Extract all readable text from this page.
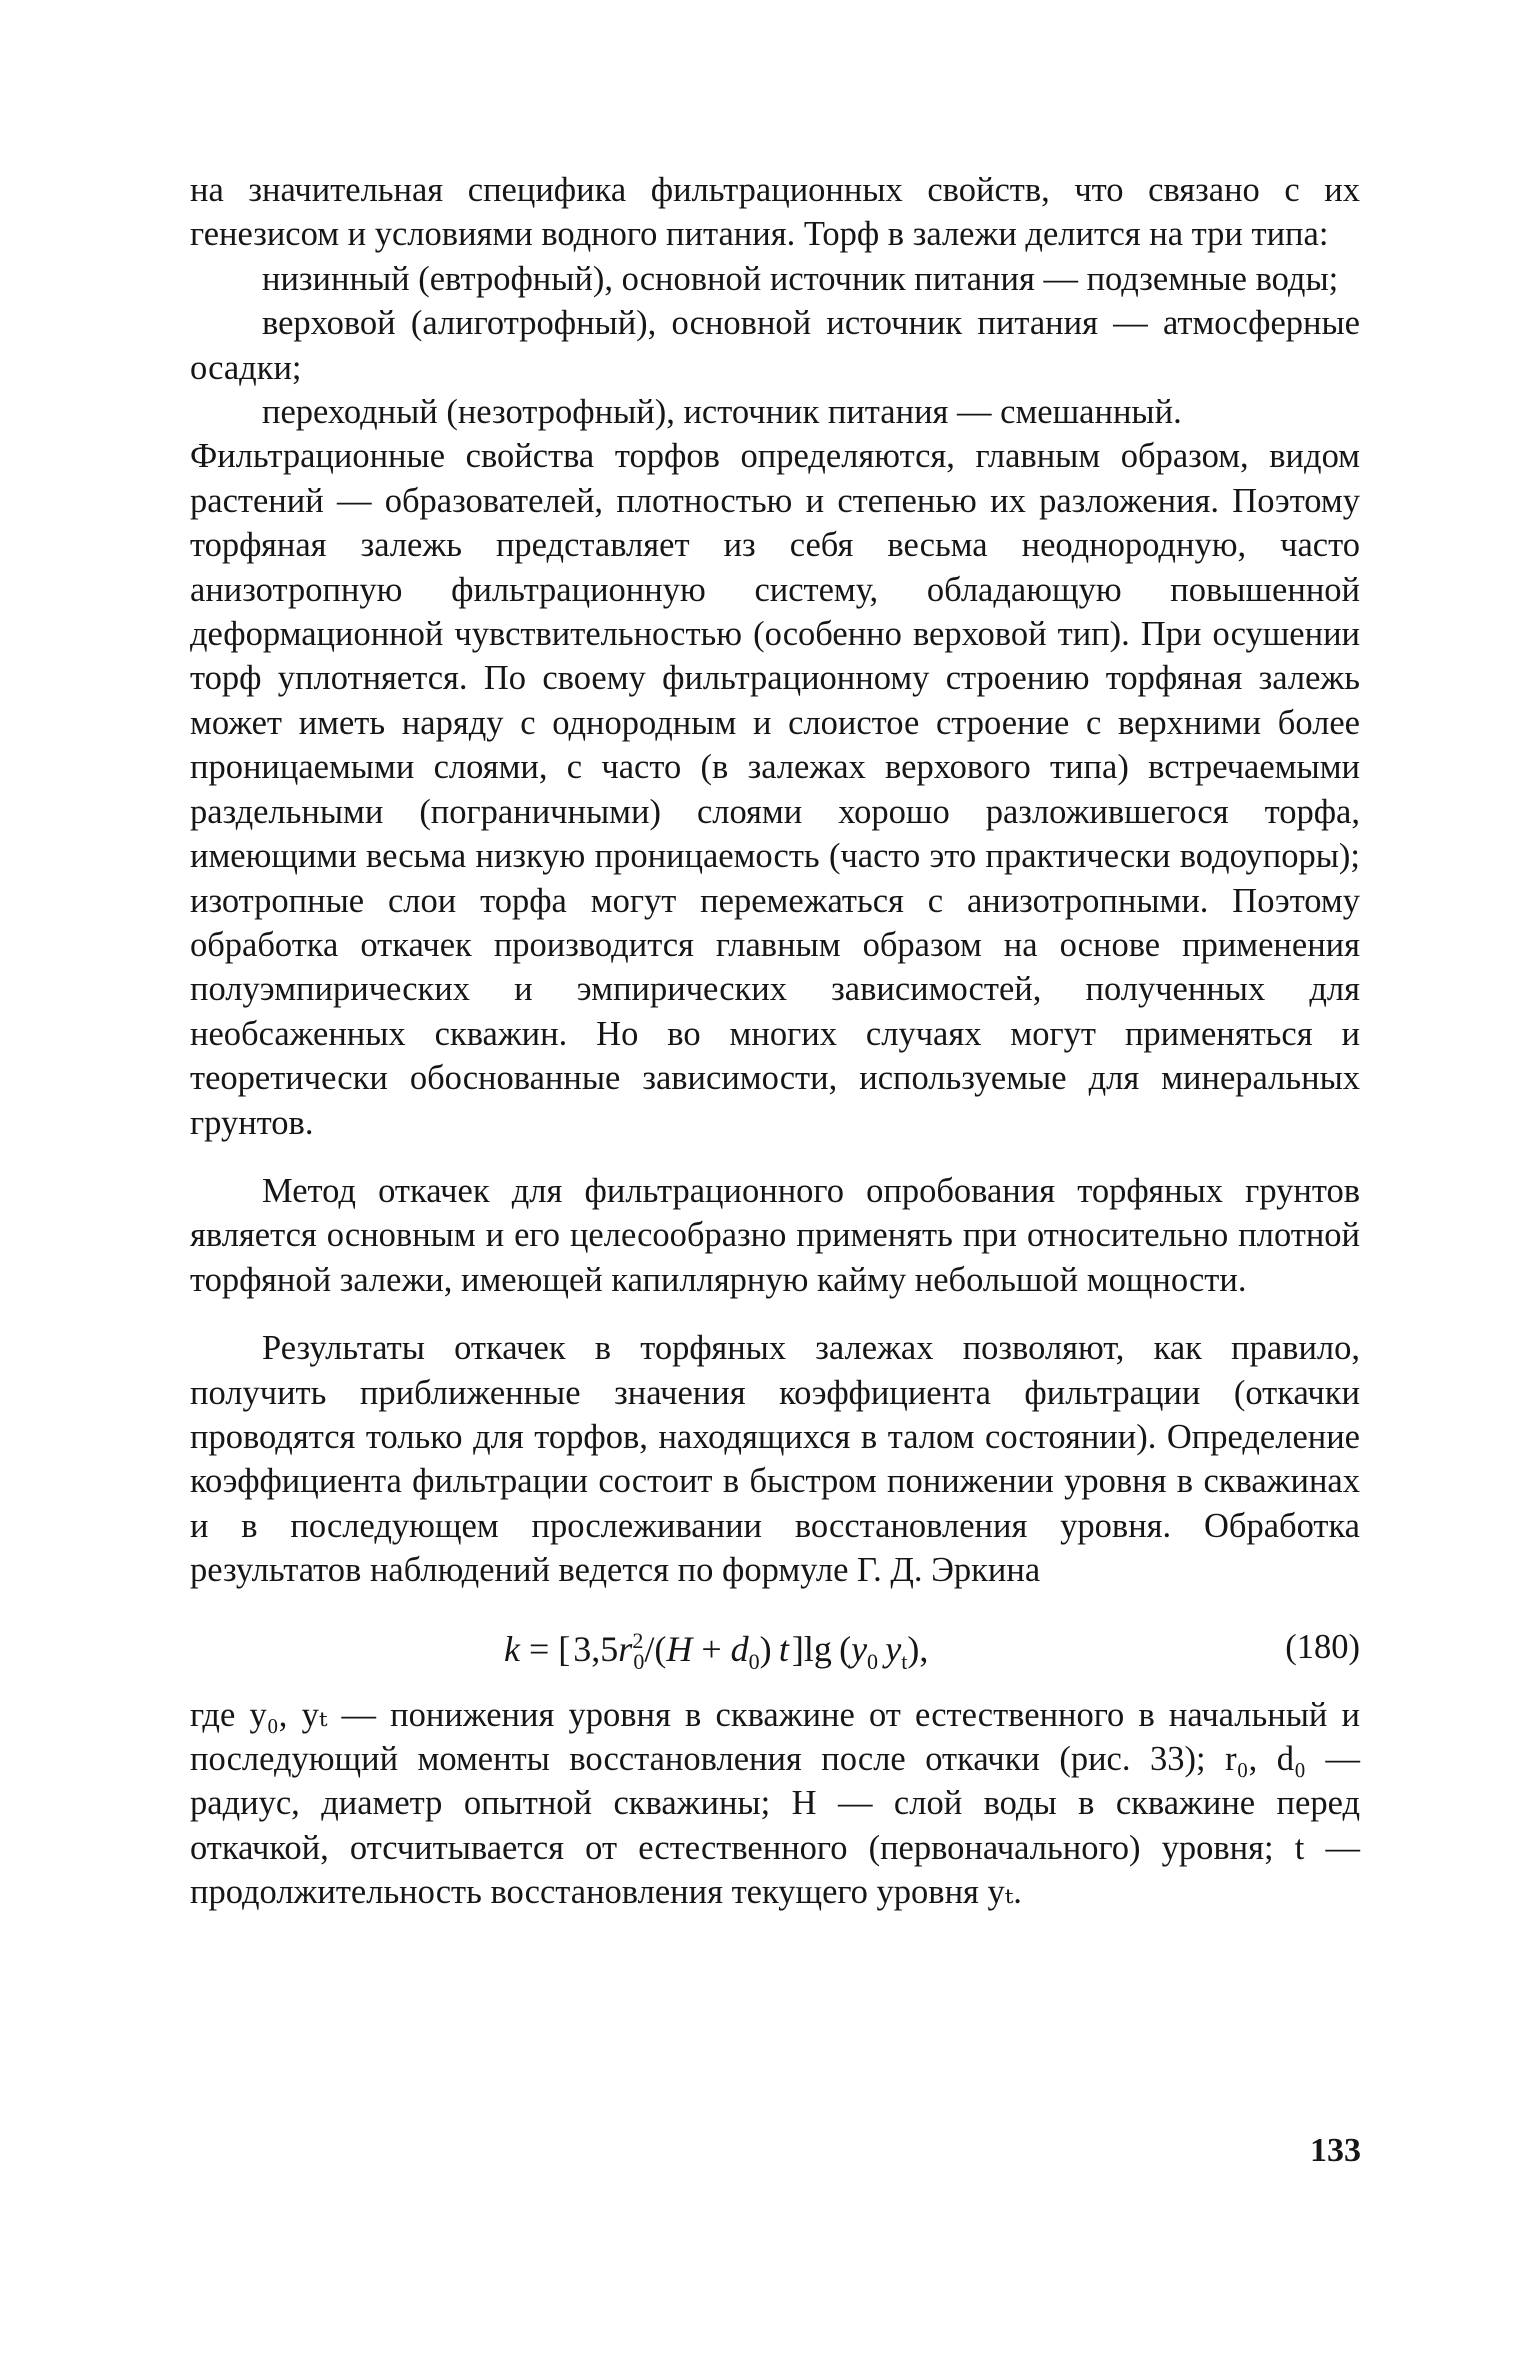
на значительная специфика фильтрационных свойств, что связано с их генезисом и условиями водного питания. Торф в залежи делится на три типа:

низинный (евтрофный), основной источник питания — подземные воды;

верховой (алиготрофный), основной источник питания — атмосферные осадки;

переходный (незотрофный), источник питания — смешанный.

Фильтрационные свойства торфов определяются, главным образом, видом растений — образователей, плотностью и степенью их разложения. Поэтому торфяная залежь представляет из себя весьма неоднородную, часто анизотропную фильтрационную систему, обладающую повышенной деформационной чувствительностью (особенно верховой тип). При осушении торф уплотняется. По своему фильтрационному строению торфяная залежь может иметь наряду с однородным и слоистое строение с верхними более проницаемыми слоями, с часто (в залежах верхового типа) встречаемыми раздельными (пограничными) слоями хорошо разложившегося торфа, имеющими весьма низкую проницаемость (часто это практически водоупоры); изотропные слои торфа могут перемежаться с анизотропными. Поэтому обработка откачек производится главным образом на основе применения полуэмпирических и эмпирических зависимостей, полученных для необсаженных скважин. Но во многих случаях могут применяться и теоретически обоснованные зависимости, используемые для минеральных грунтов.

Метод откачек для фильтрационного опробования торфяных грунтов является основным и его целесообразно применять при относительно плотной торфяной залежи, имеющей капиллярную кайму небольшой мощности.

Результаты откачек в торфяных залежах позволяют, как правило, получить приближенные значения коэффициента фильтрации (откачки проводятся только для торфов, находящихся в талом состоянии). Определение коэффициента фильтрации состоит в быстром понижении уровня в скважинах и в последующем прослеживании восстановления уровня. Обработка результатов наблюдений ведется по формуле Г. Д. Эркина

k = [ $3,5r^2_0/(H + d_0)$ t ]lg ($y_0$  $y_t$),	(180)

где y₀, yₜ — понижения уровня в скважине от естественного в начальный и последующий моменты восстановления после откачки (рис. 33); r₀, d₀ — радиус, диаметр опытной скважины; H — слой воды в скважине перед откачкой, отсчитывается от естественного (первоначального) уровня; t — продолжительность восстановления текущего уровня yₜ.

133
